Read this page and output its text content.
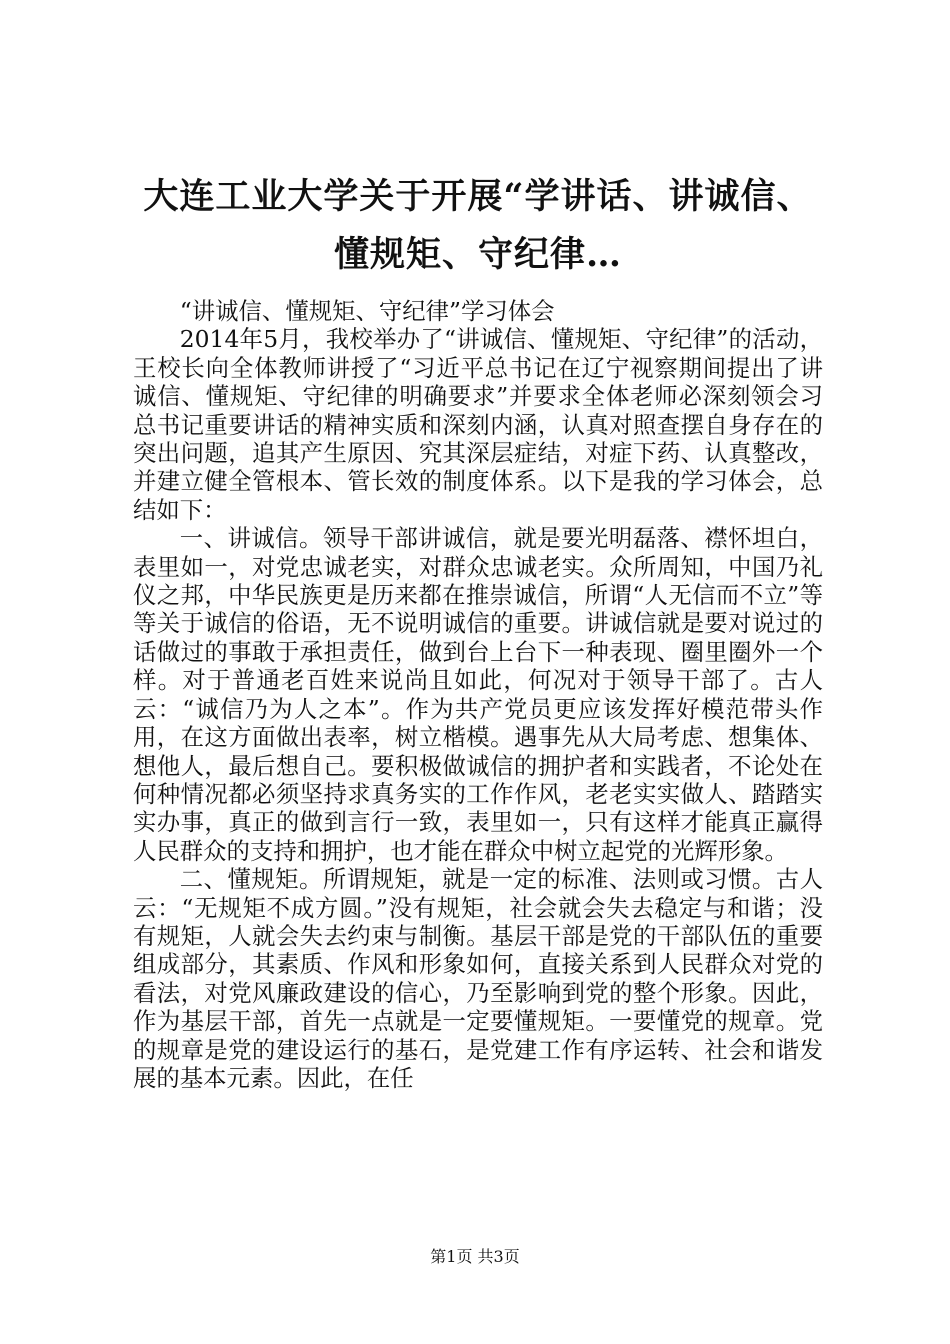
大连工业大学关于开展“学讲话、讲诚信、懂规矩、守纪律…

“讲诚信、懂规矩、守纪律”学习体会

2014年5月，我校举办了“讲诚信、懂规矩、守纪律”的活动，王校长向全体教师讲授了“习近平总书记在辽宁视察期间提出了讲诚信、懂规矩、守纪律的明确要求”并要求全体老师必深刻领会习总书记重要讲话的精神实质和深刻内涵，认真对照查摆自身存在的突出问题，追其产生原因、究其深层症结，对症下药、认真整改，并建立健全管根本、管长效的制度体系。以下是我的学习体会，总结如下：

一、讲诚信。领导干部讲诚信，就是要光明磊落、襟怀坦白，表里如一，对党忠诚老实，对群众忠诚老实。众所周知，中国乃礼仪之邦，中华民族更是历来都在推崇诚信，所谓“人无信而不立”等等关于诚信的俗语，无不说明诚信的重要。讲诚信就是要对说过的话做过的事敢于承担责任，做到台上台下一种表现、圈里圈外一个样。对于普通老百姓来说尚且如此，何况对于领导干部了。古人云：“诚信乃为人之本”。作为共产党员更应该发挥好模范带头作用，在这方面做出表率，树立楷模。遇事先从大局考虑、想集体、想他人，最后想自己。要积极做诚信的拥护者和实践者，不论处在何种情况都必须坚持求真务实的工作作风，老老实实做人、踏踏实实办事，真正的做到言行一致，表里如一，只有这样才能真正赢得人民群众的支持和拥护，也才能在群众中树立起党的光辉形象。

二、懂规矩。所谓规矩，就是一定的标准、法则或习惯。古人云：“无规矩不成方圆。”没有规矩，社会就会失去稳定与和谐；没有规矩，人就会失去约束与制衡。基层干部是党的干部队伍的重要组成部分，其素质、作风和形象如何，直接关系到人民群众对党的看法，对党风廉政建设的信心，乃至影响到党的整个形象。因此，作为基层干部，首先一点就是一定要懂规矩。一要懂党的规章。党的规章是党的建设运行的基石，是党建工作有序运转、社会和谐发展的基本元素。因此，在任

第1页 共3页
